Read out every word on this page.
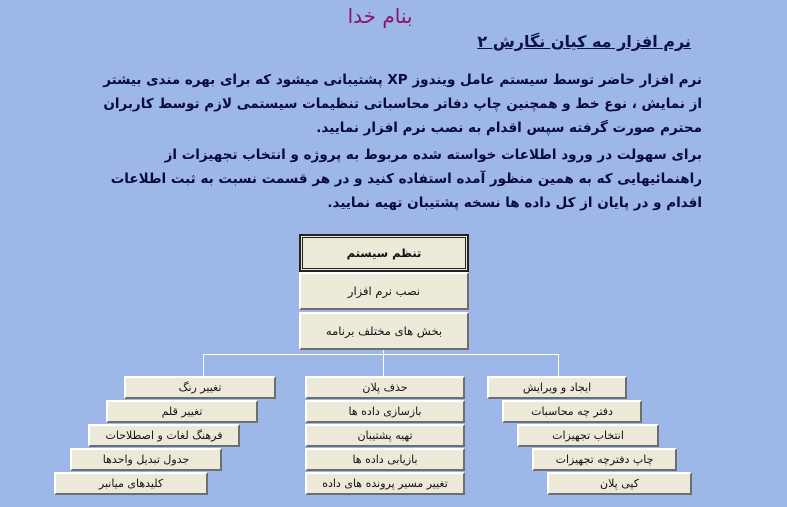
بنام خدا
نرم افزار مه کیان نگارش ۲
نرم افزار حاضر توسط سیستم عامل ویندوز XP پشتیبانی میشود که برای بهره مندی بیشتر از نمایش ، نوع خط و همچنین چاپ دفاتر محاسباتی تنظیمات سیستمی لازم توسط کاربران محترم صورت گرفته سپس اقدام به نصب نرم افزار نمایید.
برای سهولت در ورود اطلاعات خواسته شده مربوط به پروژه و انتخاب تجهیزات از راهنمائیهایی که به همین منظور آمده استفاده کنید و در هر قسمت نسبت به ثبت اطلاعات اقدام و در پایان از کل داده ها نسخه پشتیبان تهیه نمایید.
تنظم سیستم
نصب نرم افزار
بخش های مختلف برنامه
ایجاد و ویرایش
دفتر چه محاسبات
انتخاب تجهیزات
چاپ دفترچه تجهیزات
کپی پلان
حذف پلان
بازسازی داده ها
تهیه پشتیبان
بازیابی داده ها
تغییر مسیر پرونده های داده
تغییر رنگ
تغییر قلم
فرهنگ لغات و اصطلاحات
جدول تبدیل واحدها
کلیدهای میانبر
